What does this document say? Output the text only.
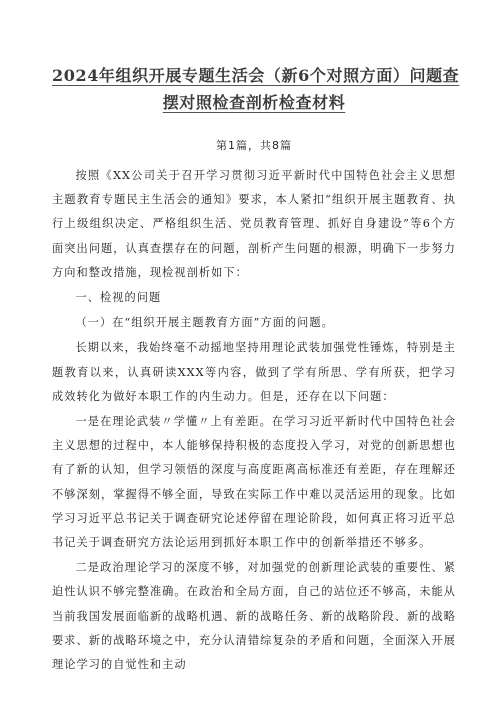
2024年组织开展专题生活会（新6个对照方面）问题查
摆对照检查剖析检查材料
第1篇，共8篇

按照《XX公司关于召开学习贯彻习近平新时代中国特色社会主义思想主题教育专题民主生活会的通知》要求，本人紧扣“组织开展主题教育、执行上级组织决定、严格组织生活、党员教育管理、抓好自身建设”等6个方面突出问题，认真查摆存在的问题，剖析产生问题的根源，明确下一步努力方向和整改措施，现检视剖析如下：

一、检视的问题

（一）在“组织开展主题教育方面”方面的问题。

长期以来，我始终毫不动摇地坚持用理论武装加强党性锤炼，特别是主题教育以来，认真研读XXX等内容，做到了学有所思、学有所获，把学习成效转化为做好本职工作的内生动力。但是，还存在以下问题：

一是在理论武装〃学懂〃上有差距。在学习习近平新时代中国特色社会主义思想的过程中，本人能够保持积极的态度投入学习，对党的创新思想也有了新的认知，但学习领悟的深度与高度距离高标准还有差距，存在理解还不够深刻，掌握得不够全面，导致在实际工作中难以灵活运用的现象。比如学习习近平总书记关于调查研究论述停留在理论阶段，如何真正将习近平总书记关于调查研究方法论运用到抓好本职工作中的创新举措还不够多。

二是政治理论学习的深度不够，对加强党的创新理论武装的重要性、紧迫性认识不够完整准确。在政治和全局方面，自己的站位还不够高，未能从当前我国发展面临新的战略机遇、新的战略任务、新的战略阶段、新的战略要求、新的战略环境之中，充分认清错综复杂的矛盾和问题，全面深入开展理论学习的自觉性和主动
